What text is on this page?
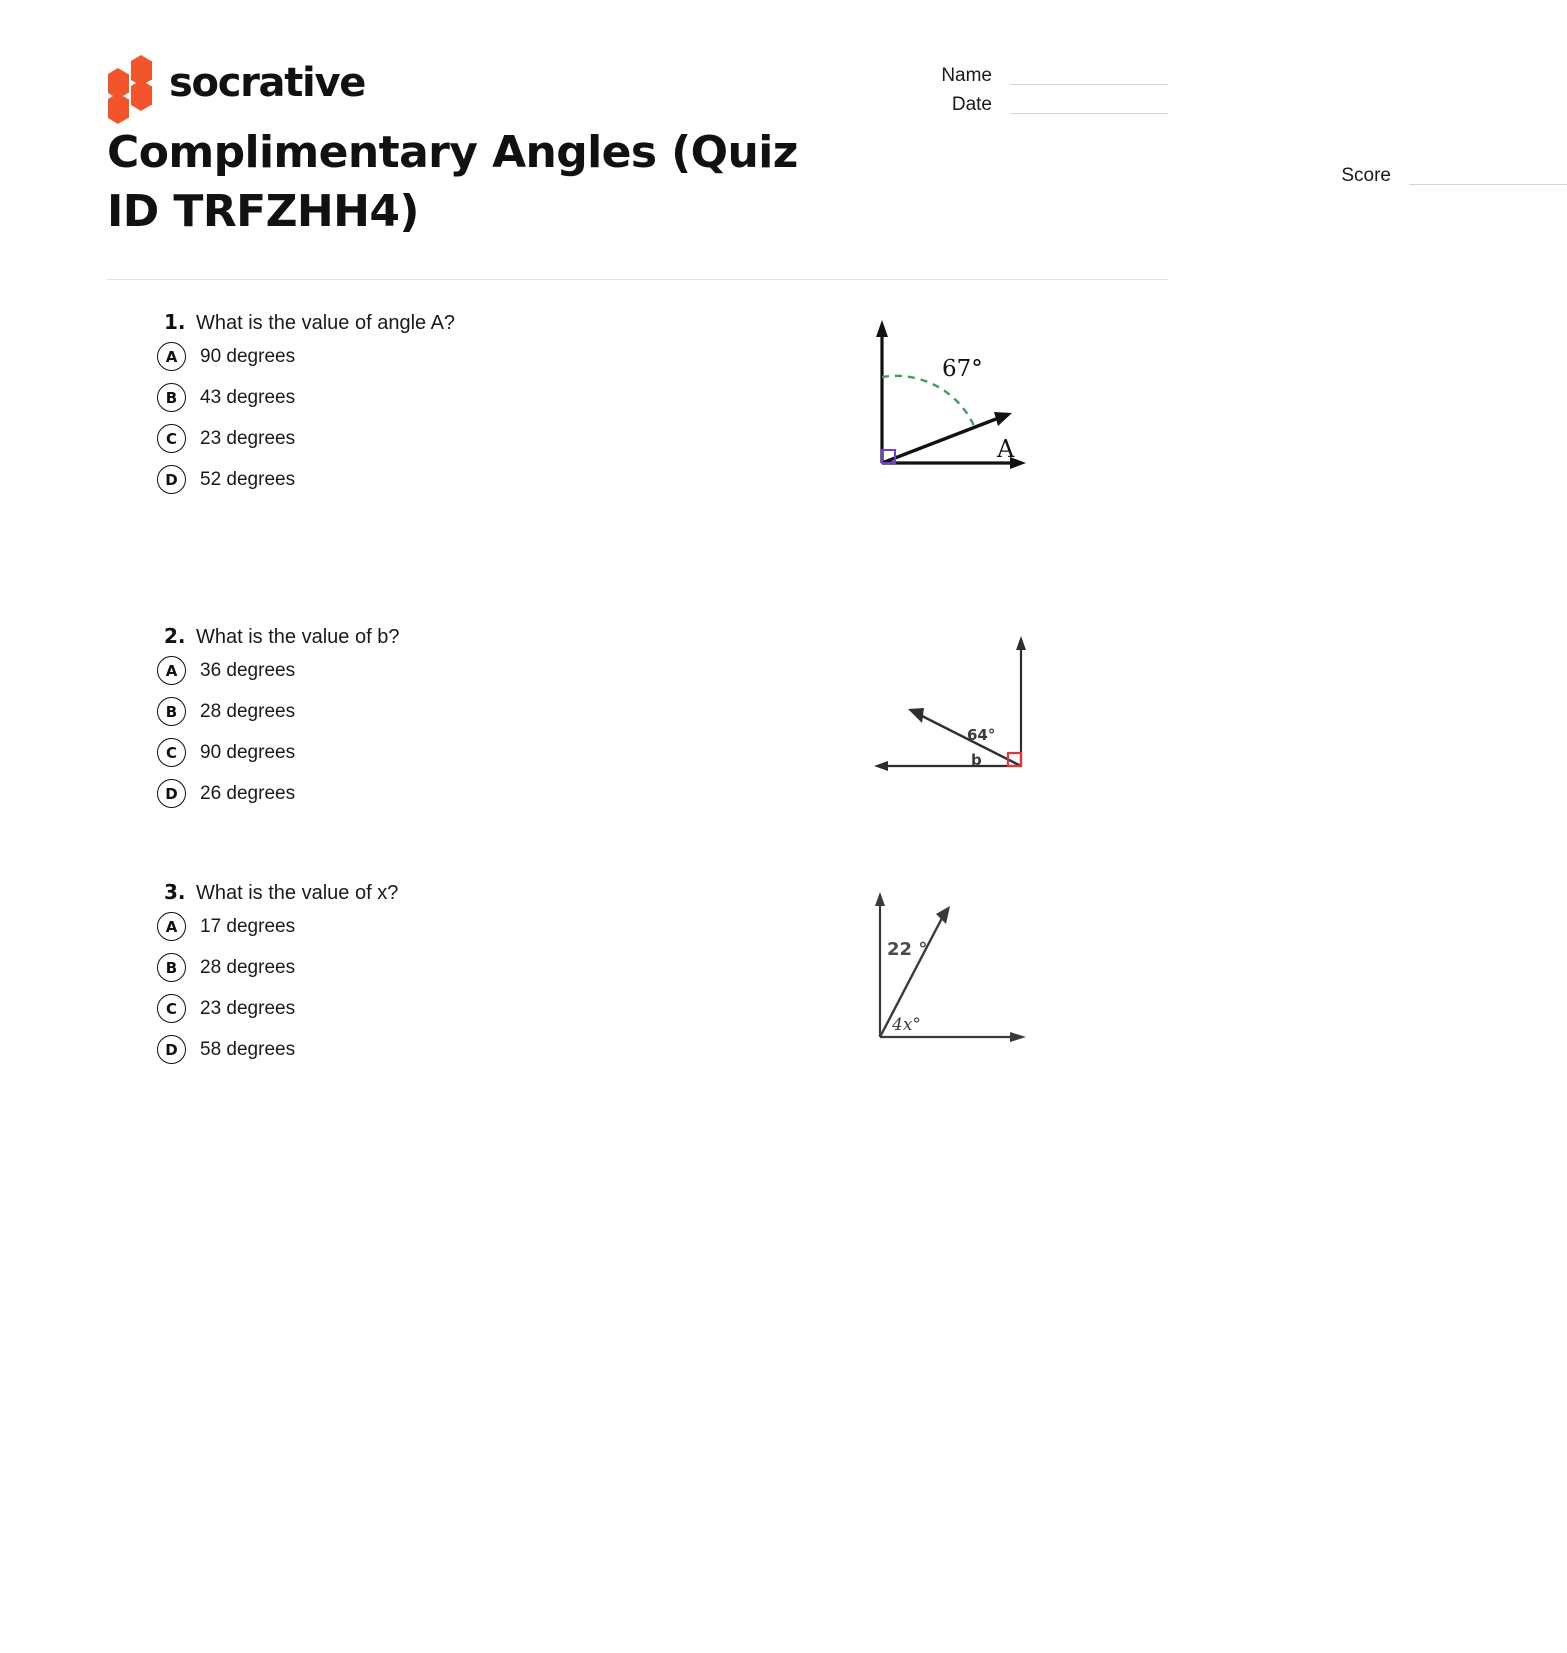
socrative	Name
Date
Complimentary Angles (Quiz ID TRFZHH4)
Score
1. What is the value of angle A?
A	90 degrees
B	43 degrees
C	23 degrees
D	52 degrees
67°
A
2. What is the value of b?
A	36 degrees
B	28 degrees
C	90 degrees
D	26 degrees
64°
b
3. What is the value of x?
A	17 degrees
B	28 degrees
C	23 degrees
D	58 degrees
22 °
4x°
